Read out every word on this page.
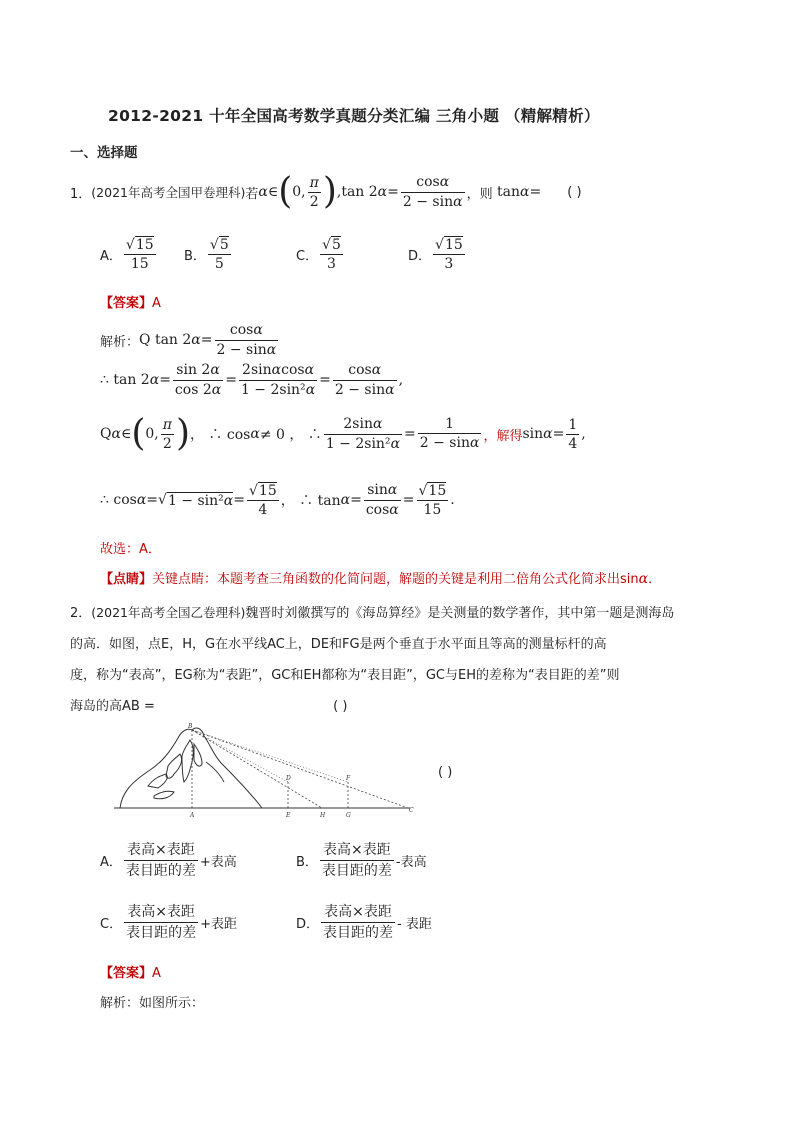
2012-2021 十年全国高考数学真题分类汇编 三角小题 （精解精析）
一、选择题
1． (2021年高考全国甲卷理科) 若 α ∈ ( 0, $\frac{\pi}{2}$ ) ,tan 2 $\alpha = \frac{\cos\alpha}{2 - \sin\alpha}$ ，则 tan α = ( )
A． $\frac{√15}{15}$ B． $\frac{√5}{5}$	C． $\frac{√5}{3}$	D． $\frac{√15}{3}$
【答案】A
解析： Q tan 2 $\alpha = \frac{\cos\alpha}{2 - \sin\alpha}$
∴ tan 2 $\alpha = \frac{\sin 2\alpha}{\cos 2\alpha} = \frac{2\sin\alpha\cos\alpha}{\text{1 − 2sin²α}} = \frac{\cos\alpha}{2 - \sin\alpha}$ ,
Q α ∈ ( 0, $\frac{\pi}{2}$ ) ， ∴ cos α ≠ 0 ， ∴ $\frac{2\sin\alpha}{\text{1 − 2sin²α}} = \frac{1}{2 - \sin\alpha}$ ，解得 $\sin \alpha = \frac{1}{4}$ ,
∴ cos α = √ $1 - \sin^2\alpha = \frac{√15}{4}$ ， ∴ $\tan \alpha = \frac{\sin\alpha}{\cos\alpha} = \frac{√15}{15}$ .
故选：A．
【点睛】关键点睛：本题考查三角函数的化简问题，解题的关键是利用二倍角公式化简求出sinα．
2．(2021年高考全国乙卷理科)魏晋时刘徽撰写的《海岛算经》是关测量的数学著作，其中第一题是测海岛
的高．如图，点E，H，G在水平线AC上，DE和FG是两个垂直于水平面且等高的测量标杆的高
度，称为“表高”，EG称为“表距”，GC和EH都称为“表目距”，GC与EH的差称为“表目距的差”则
海岛的高AB =	( )
B
D	F
A	E	H	G
C
( )
A． $\frac{\text{表高×表距}}{\text{表目距的差}}$ +表高	B． $\frac{\text{表高×表距}}{\text{表目距的差}}$ -表高
C． $\frac{\text{表高×表距}}{\text{表目距的差}}$ +表距	D． $\frac{\text{表高×表距}}{\text{表目距的差}}$ - 表距
【答案】A
解析：如图所示：
